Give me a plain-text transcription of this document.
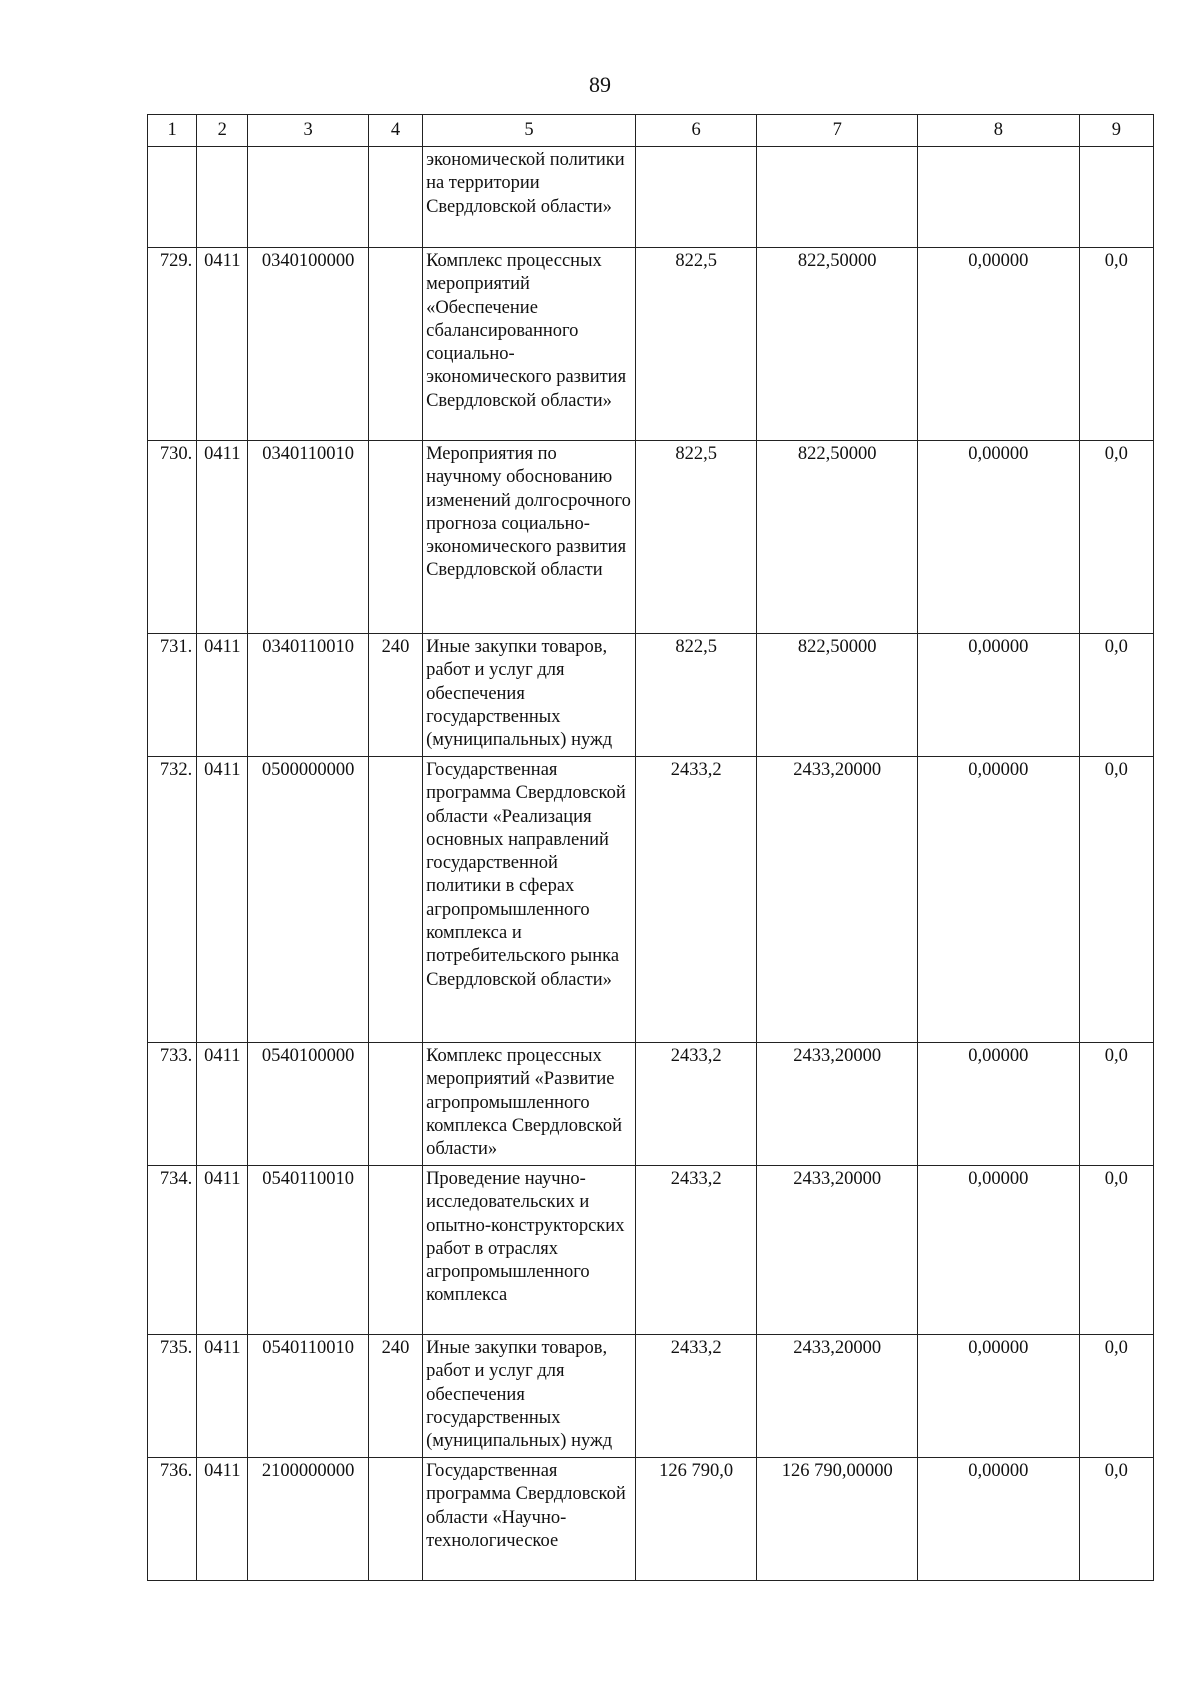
89
1	2	3	4	5	6	7	8	9
				экономической политики на территории Свердловской области»				
729.	0411	0340100000		Комплекс процессных мероприятий «Обеспечение сбалансированного социально-экономического развития Свердловской области»	822,5	822,50000	0,00000	0,0
730.	0411	0340110010		Мероприятия по научному обоснованию изменений долгосрочного прогноза социально-экономического развития Свердловской области	822,5	822,50000	0,00000	0,0
731.	0411	0340110010	240	Иные закупки товаров, работ и услуг для обеспечения государственных (муниципальных) нужд	822,5	822,50000	0,00000	0,0
732.	0411	0500000000		Государственная программа Свердловской области «Реализация основных направлений государственной политики в сферах агропромышленного комплекса и потребительского рынка Свердловской области»	2433,2	2433,20000	0,00000	0,0
733.	0411	0540100000		Комплекс процессных мероприятий «Развитие агропромышленного комплекса Свердловской области»	2433,2	2433,20000	0,00000	0,0
734.	0411	0540110010		Проведение научно-исследовательских и опытно-конструкторских работ в отраслях агропромышленного комплекса	2433,2	2433,20000	0,00000	0,0
735.	0411	0540110010	240	Иные закупки товаров, работ и услуг для обеспечения государственных (муниципальных) нужд	2433,2	2433,20000	0,00000	0,0
736.	0411	2100000000		Государственная программа Свердловской области «Научно-технологическое	126 790,0	126 790,00000	0,00000	0,0
